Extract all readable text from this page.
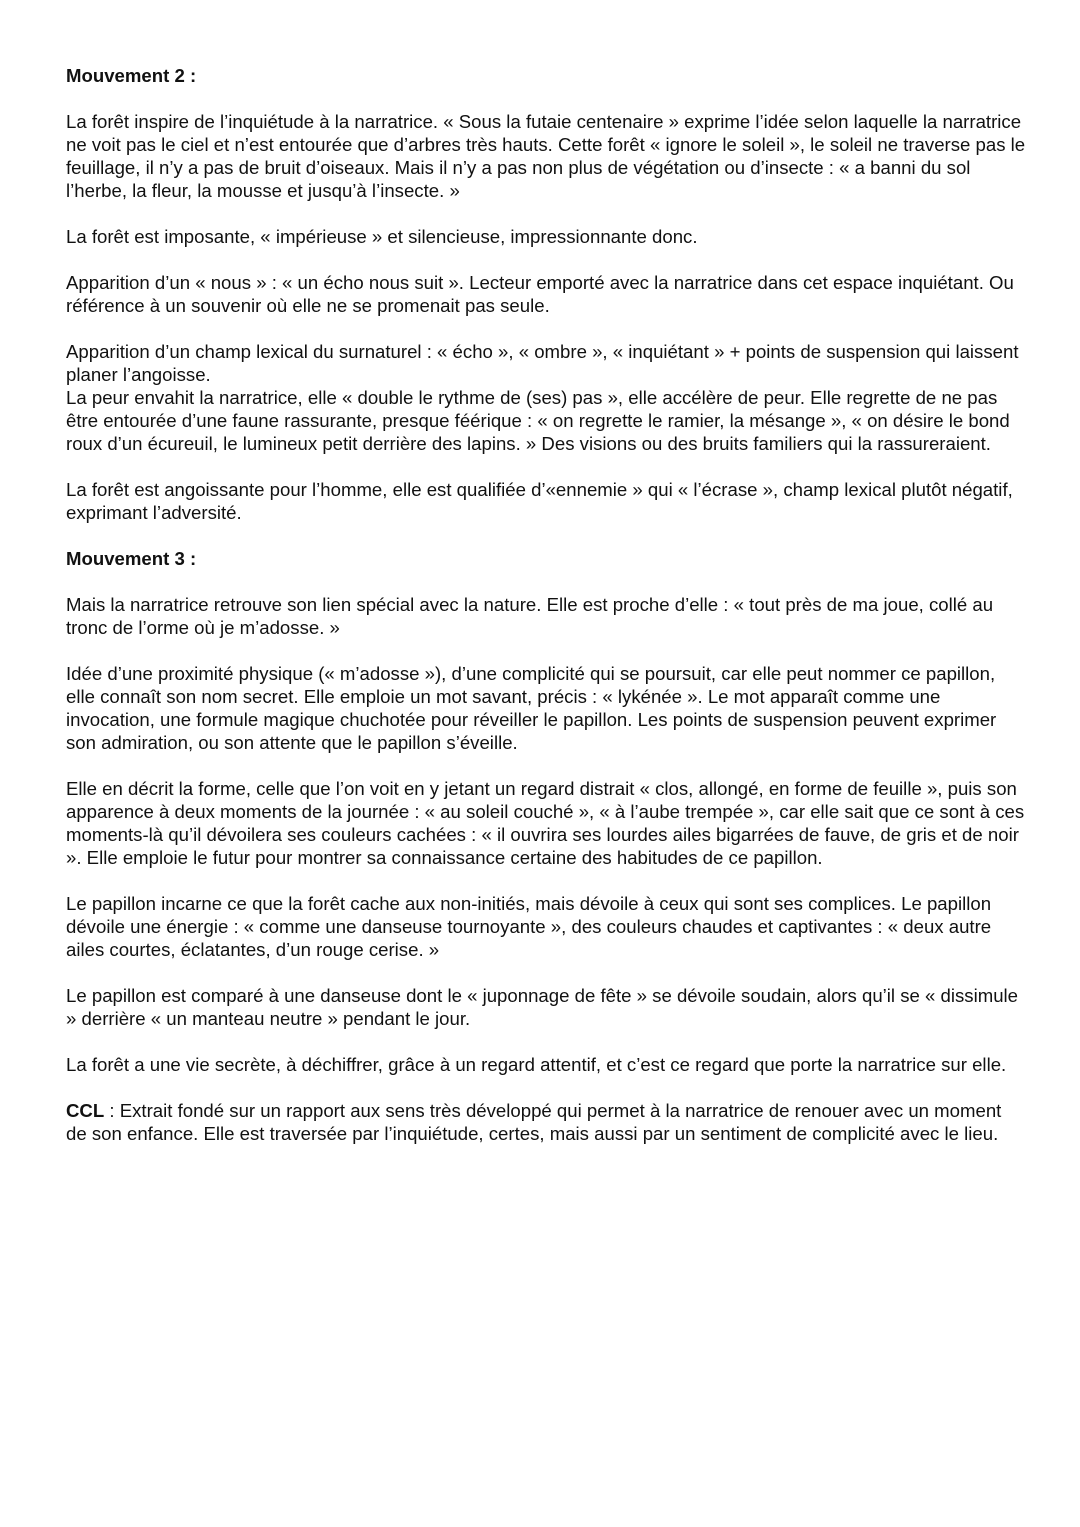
Mouvement 2 :

La forêt inspire de l’inquiétude à la narratrice. « Sous la futaie centenaire » exprime l’idée selon laquelle la narratrice ne voit pas le ciel et n’est entourée que d’arbres très hauts. Cette forêt « ignore le soleil », le soleil ne traverse pas le feuillage, il n’y a pas de bruit d’oiseaux. Mais il n’y a pas non plus de végétation ou d’insecte : « a banni du sol l’herbe, la fleur, la mousse et jusqu’à l’insecte. »

La forêt est imposante, « impérieuse » et silencieuse, impressionnante donc.

Apparition d’un « nous » : « un écho nous suit ». Lecteur emporté avec la narratrice dans cet espace inquiétant. Ou référence à un souvenir où elle ne se promenait pas seule.

Apparition d’un champ lexical du surnaturel : « écho », « ombre », « inquiétant » + points de suspension qui laissent planer l’angoisse.

La peur envahit la narratrice, elle « double le rythme de (ses) pas », elle accélère de peur. Elle regrette de ne pas être entourée d’une faune rassurante, presque féérique : « on regrette le ramier, la mésange », « on désire le bond roux d’un écureuil, le lumineux petit derrière des lapins. » Des visions ou des bruits familiers qui la rassureraient.

La forêt est angoissante pour l’homme, elle est qualifiée d’«ennemie » qui « l’écrase », champ lexical plutôt négatif, exprimant l’adversité.

Mouvement 3 :

Mais la narratrice retrouve son lien spécial avec la nature. Elle est proche d’elle : « tout près de ma joue, collé au tronc de l’orme où je m’adosse. »

Idée d’une proximité physique (« m’adosse »), d’une complicité qui se poursuit, car elle peut nommer ce papillon, elle connaît son nom secret. Elle emploie un mot savant, précis : « lykénée ». Le mot apparaît comme une invocation, une formule magique chuchotée pour réveiller le papillon. Les points de suspension peuvent exprimer son admiration, ou son attente que le papillon s’éveille.

Elle en décrit la forme, celle que l’on voit en y jetant un regard distrait « clos, allongé, en forme de feuille », puis son apparence à deux moments de la journée : « au soleil couché », « à l’aube trempée », car elle sait que ce sont à ces moments-là qu’il dévoilera ses couleurs cachées : « il ouvrira ses lourdes ailes bigarrées de fauve, de gris et de noir ». Elle emploie le futur pour montrer sa connaissance certaine des habitudes de ce papillon.

Le papillon incarne ce que la forêt cache aux non-initiés, mais dévoile à ceux qui sont ses complices. Le papillon dévoile une énergie : « comme une danseuse tournoyante », des couleurs chaudes et captivantes : « deux autre ailes courtes, éclatantes, d’un rouge cerise. »

Le papillon est comparé à une danseuse dont le « juponnage de fête » se dévoile soudain, alors qu’il se « dissimule » derrière « un manteau neutre » pendant le jour.

La forêt a une vie secrète, à déchiffrer, grâce à un regard attentif, et c’est ce regard que porte la narratrice sur elle.

CCL : Extrait fondé sur un rapport aux sens très développé qui permet à la narratrice de renouer avec un moment de son enfance. Elle est traversée par l’inquiétude, certes, mais aussi par un sentiment de complicité avec le lieu.
